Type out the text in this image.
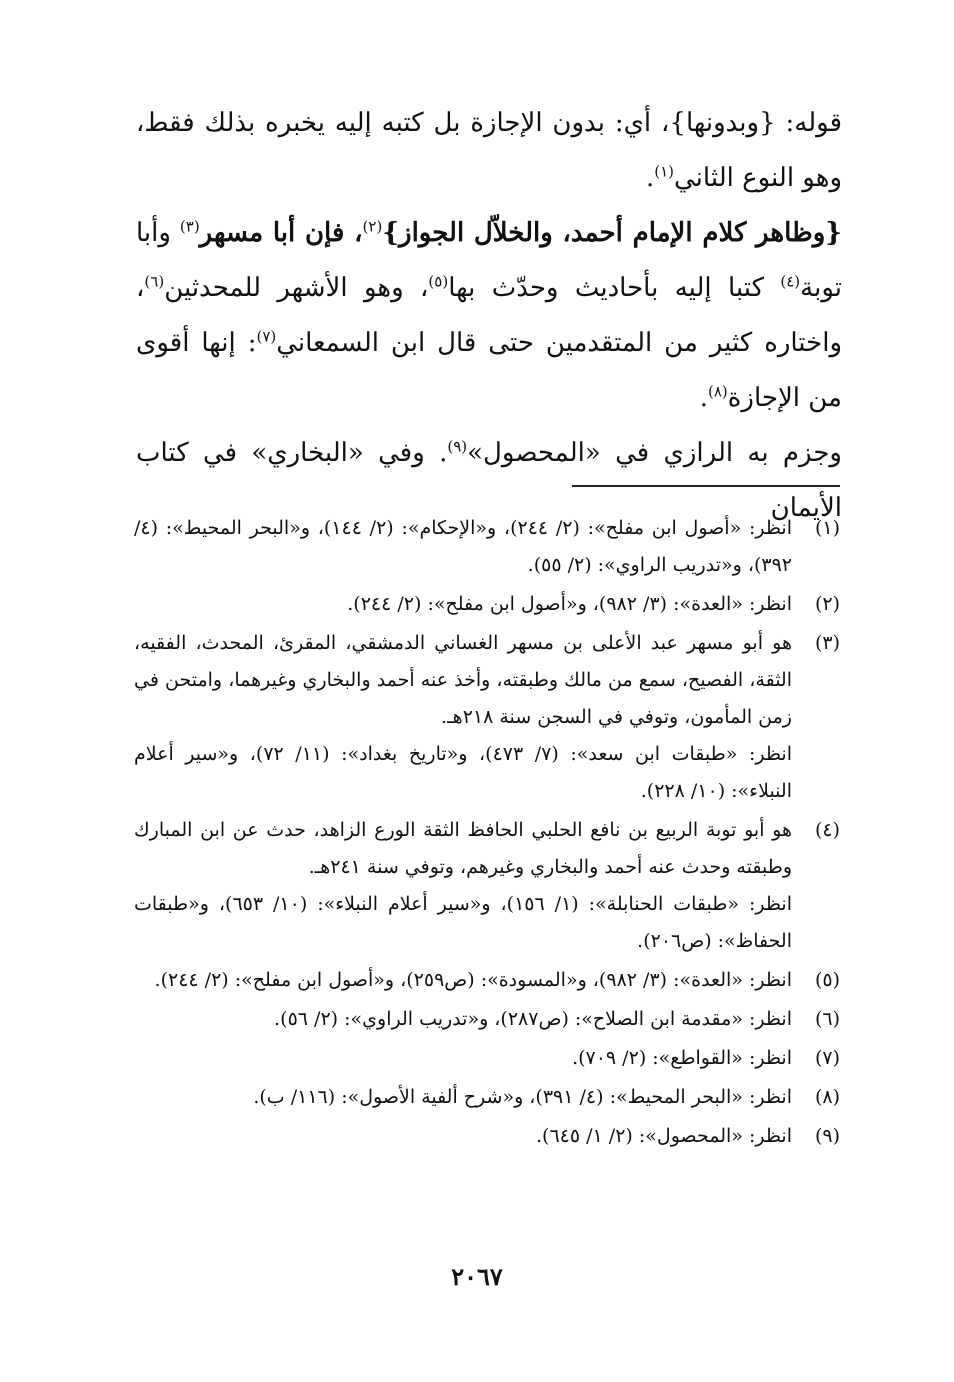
قوله: {وبدونها}، أي: بدون الإجازة بل كتبه إليه يخبره بذلك فقط، وهو النوع الثاني$^{(١)}$.

{وظاهر كلام الإمام أحمد، والخلاّل الجواز}$^{(٢)}$، فإن أبا مسهر$^{(٣)}$ وأبا توبة$^{(٤)}$ كتبا إليه بأحاديث وحدّث بها$^{(٥)}$، وهو الأشهر للمحدثين$^{(٦)}$، واختاره كثير من المتقدمين حتى قال ابن السمعاني$^{(٧)}$: إنها أقوى من الإجازة$^{(٨)}$.

وجزم به الرازي في «المحصول»$^{(٩)}$. وفي «البخاري» في كتاب الأيمان

(١)

انظر: «أصول ابن مفلح»: (٢/ ٢٤٤)، و«الإحكام»: (٢/ ١٤٤)، و«البحر المحيط»: (٤/ ٣٩٢)، و«تدريب الراوي»: (٢/ ٥٥).

(٢)

انظر: «العدة»: (٣/ ٩٨٢)، و«أصول ابن مفلح»: (٢/ ٢٤٤).

(٣)

هو أبو مسهر عبد الأعلى بن مسهر الغساني الدمشقي، المقرئ، المحدث، الفقيه، الثقة، الفصيح، سمع من مالك وطبقته، وأخذ عنه أحمد والبخاري وغيرهما، وامتحن في زمن المأمون، وتوفي في السجن سنة ٢١٨هـ.

انظر: «طبقات ابن سعد»: (٧/ ٤٧٣)، و«تاريخ بغداد»: (١١/ ٧٢)، و«سير أعلام النبلاء»: (١٠/ ٢٢٨).

(٤)

هو أبو توبة الربيع بن نافع الحلبي الحافظ الثقة الورع الزاهد، حدث عن ابن المبارك وطبقته وحدث عنه أحمد والبخاري وغيرهم، وتوفي سنة ٢٤١هـ.

انظر: «طبقات الحنابلة»: (١/ ١٥٦)، و«سير أعلام النبلاء»: (١٠/ ٦٥٣)، و«طبقات الحفاظ»: (ص٢٠٦).

(٥)

انظر: «العدة»: (٣/ ٩٨٢)، و«المسودة»: (ص٢٥٩)، و«أصول ابن مفلح»: (٢/ ٢٤٤).

(٦)

انظر: «مقدمة ابن الصلاح»: (ص٢٨٧)، و«تدريب الراوي»: (٢/ ٥٦).

(٧)

انظر: «القواطع»: (٢/ ٧٠٩).

(٨)

انظر: «البحر المحيط»: (٤/ ٣٩١)، و«شرح ألفية الأصول»: (١١٦/ ب).

(٩)

انظر: «المحصول»: (٢/ ١/ ٦٤٥).

٢٠٦٧
